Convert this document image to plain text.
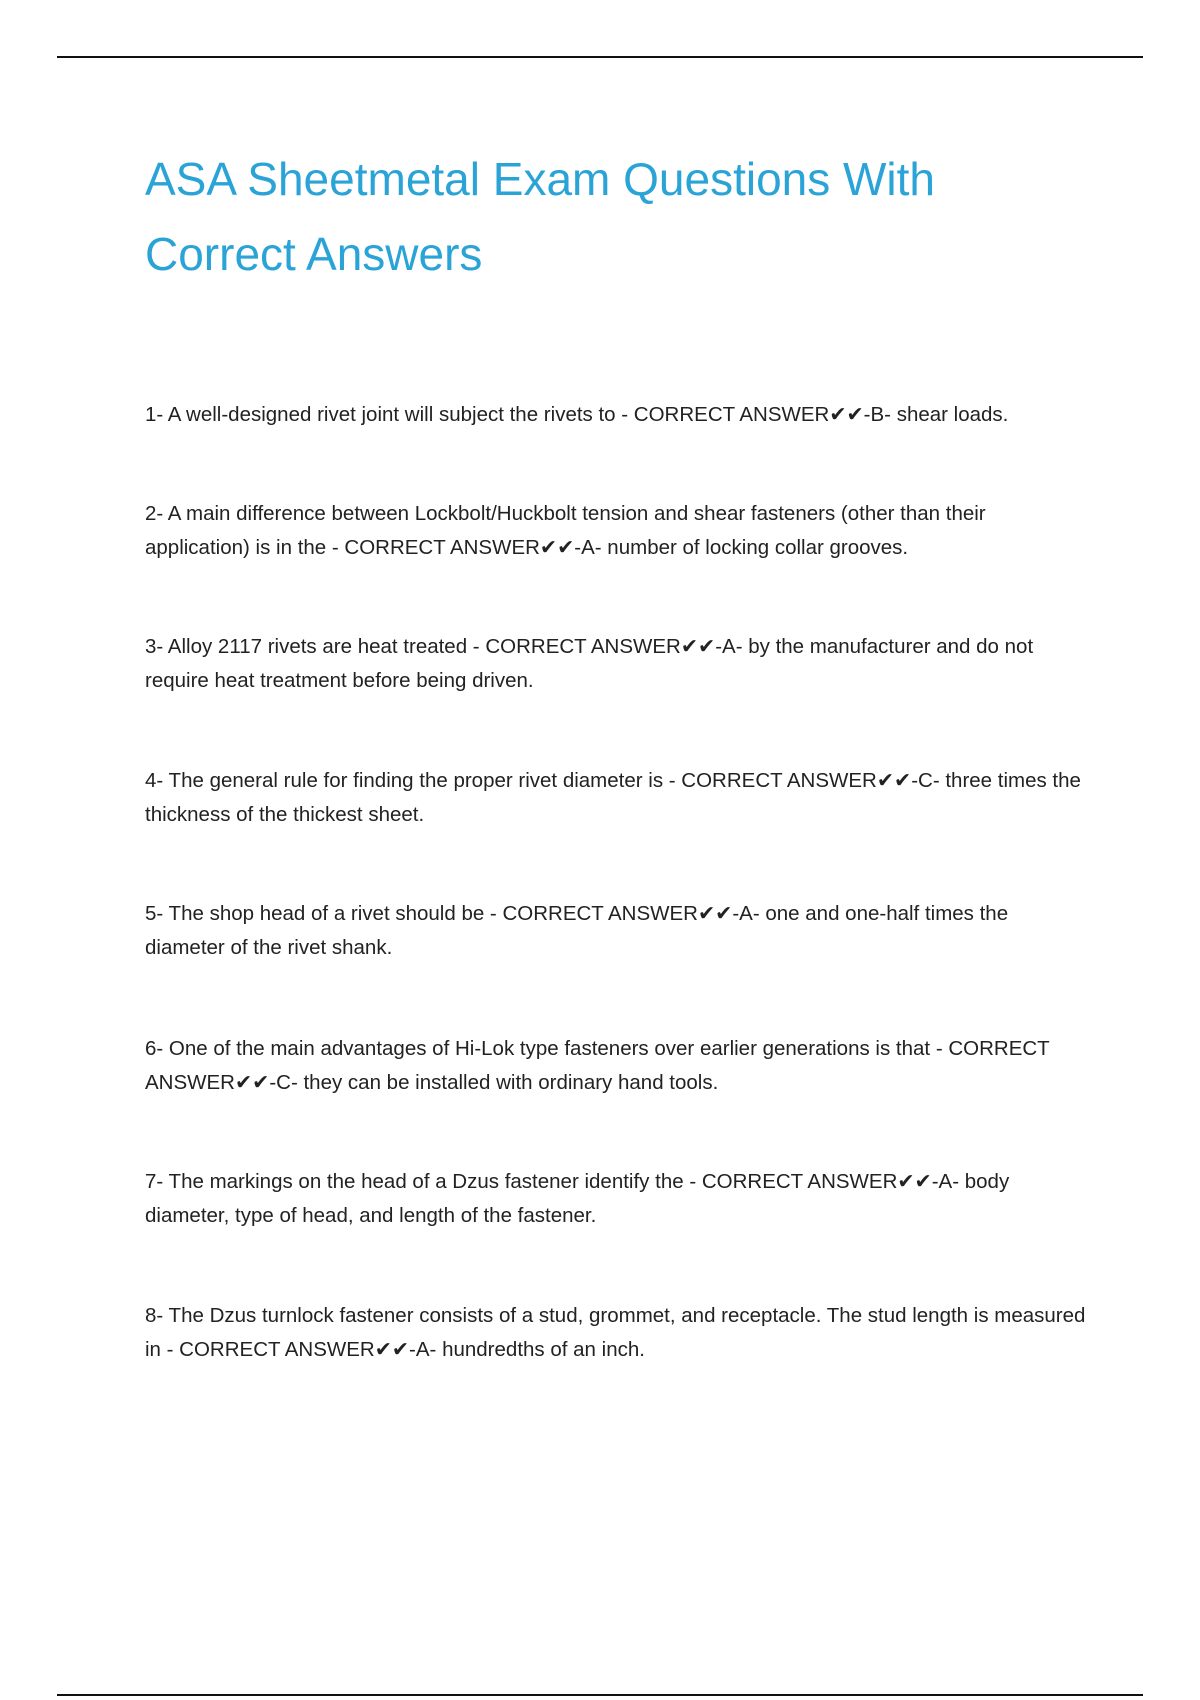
ASA Sheetmetal Exam Questions With Correct Answers
1- A well-designed rivet joint will subject the rivets to - CORRECT ANSWER✔✔-B- shear loads.
2- A main difference between Lockbolt/Huckbolt tension and shear fasteners (other than their application) is in the - CORRECT ANSWER✔✔-A- number of locking collar grooves.
3- Alloy 2117 rivets are heat treated - CORRECT ANSWER✔✔-A- by the manufacturer and do not require heat treatment before being driven.
4- The general rule for finding the proper rivet diameter is - CORRECT ANSWER✔✔-C- three times the thickness of the thickest sheet.
5- The shop head of a rivet should be - CORRECT ANSWER✔✔-A- one and one-half times the diameter of the rivet shank.
6- One of the main advantages of Hi-Lok type fasteners over earlier generations is that - CORRECT ANSWER✔✔-C- they can be installed with ordinary hand tools.
7- The markings on the head of a Dzus fastener identify the - CORRECT ANSWER✔✔-A- body diameter, type of head, and length of the fastener.
8- The Dzus turnlock fastener consists of a stud, grommet, and receptacle. The stud length is measured in - CORRECT ANSWER✔✔-A- hundredths of an inch.
